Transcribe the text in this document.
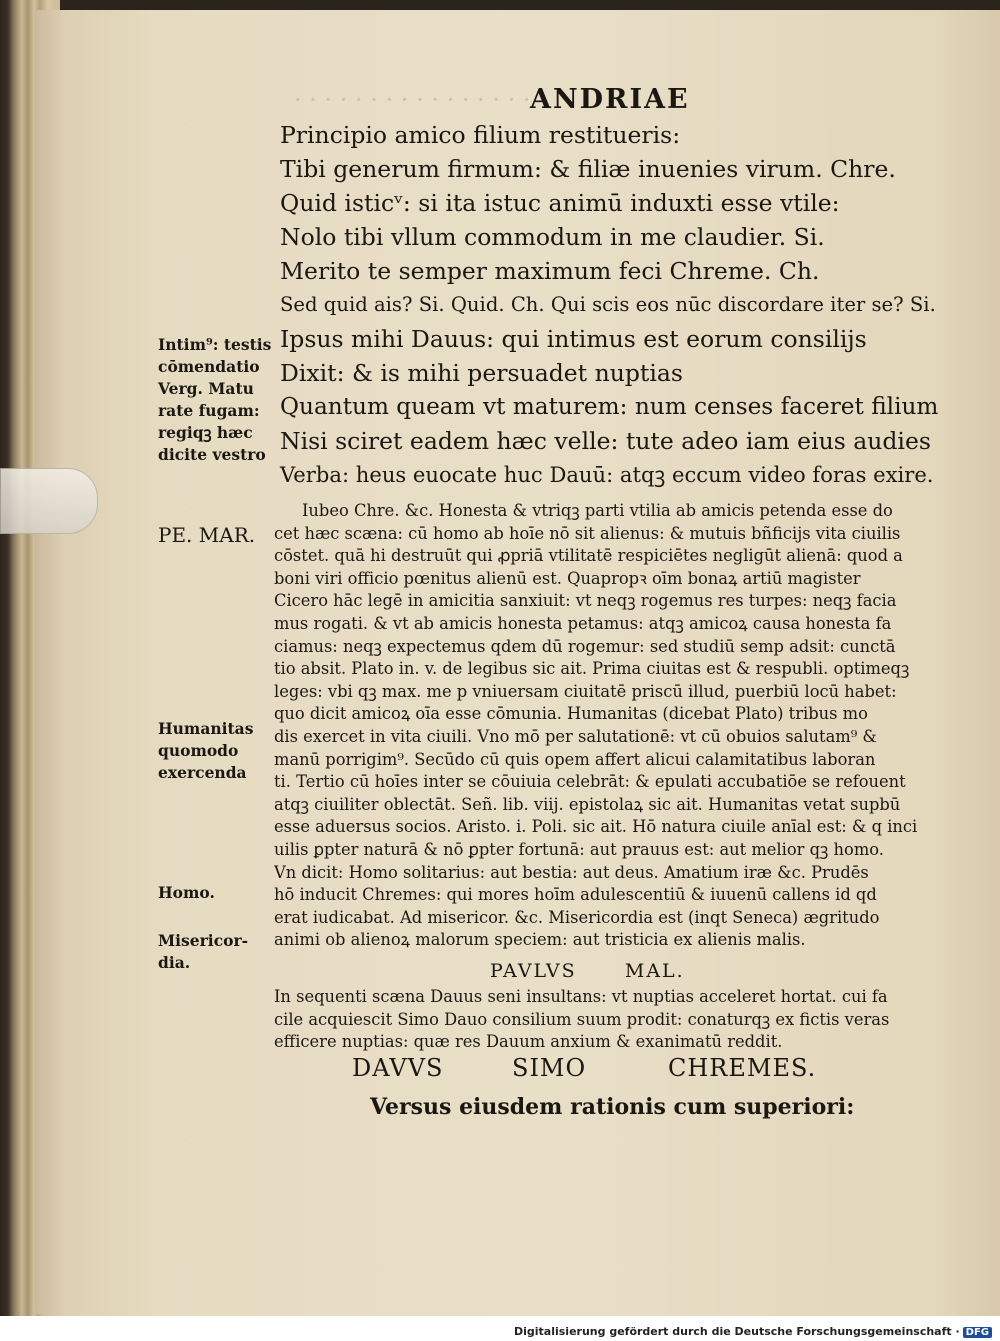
· · · · · · · · · · · · · · · · ANDRIAE
Principio amico filium restitueris:
Tibi generum firmum: & filiæ inuenies virum. Chre.
Quid isticᵛ: si ita istuc animū induxti esse vtile:
Nolo tibi vllum commodum in me claudier. Si.
Merito te semper maximum feci Chreme. Ch.
Sed quid ais? Si. Quid. Ch. Qui scis eos nūc discordare iter se? Si.
Ipsus mihi Dauus: qui intimus est eorum consilijs
Dixit: & is mihi persuadet nuptias
Quantum queam vt maturem: num censes faceret filium
Nisi sciret eadem hæc velle: tute adeo iam eius audies
Verba: heus euocate huc Dauū: atqꝫ eccum video foras exire.
Intim⁹: testis
cōmendatio
Verg. Matu
rate fugam:
regiqꝫ hæc
dicite vestro
PE. MAR.
Humanitas
quomodo
exercenda
Homo.
Misericor-
dia.
Iubeo Chre. &c. Honesta & vtriqꝫ parti vtilia ab amicis petenda esse do
cet hæc scæna: cū homo ab hoīe nō sit alienus: & mutuis bñficijs vita ciuilis
cōstet. quā hi destruūt qui ꝓpriā vtilitatē respiciētes negligūt alienā: quod a
boni viri officio pœnitus alienū est. Quapropꝛ oīm bonaꝝ artiū magister
Cicero hāc legē in amicitia sanxiuit: vt neqꝫ rogemus res turpes: neqꝫ facia
mus rogati. & vt ab amicis honesta petamus: atqꝫ amicoꝝ causa honesta fa
ciamus: neqꝫ expectemus qdem dū rogemur: sed studiū semp adsit: cunctā
tio absit. Plato in. v. de legibus sic ait. Prima ciuitas est & respubli. optimeqꝫ
leges: vbi qꝫ max. me p vniuersam ciuitatē priscū illud, puerbiū locū habet:
quo dicit amicoꝝ oīa esse cōmunia. Humanitas (dicebat Plato) tribus mo
dis exercet in vita ciuili. Vno mō per salutationē: vt cū obuios salutam⁹ &
manū porrigim⁹. Secūdo cū quis opem affert alicui calamitatibus laboran
ti. Tertio cū hoīes inter se cōuiuia celebrāt: & epulati accubatiōe se refouent
atqꝫ ciuiliter oblectāt. Señ. lib. viij. epistolaꝝ sic ait. Humanitas vetat supbū
esse aduersus socios. Aristo. i. Poli. sic ait. Hō natura ciuile anīal est: & q inci
uilis ꝑpter naturā & nō ꝑpter fortunā: aut prauus est: aut melior qꝫ homo.
Vn dicit: Homo solitarius: aut bestia: aut deus. Amatium iræ &c. Prudēs
hō inducit Chremes: qui mores hoīm adulescentiū & iuuenū callens id qd
erat iudicabat. Ad misericor. &c. Misericordia est (inqt Seneca) ægritudo
animi ob alienoꝝ malorum speciem: aut tristicia ex alienis malis.
PAVLVS      MAL.
In sequenti scæna Dauus seni insultans: vt nuptias acceleret hortat. cui fa
cile acquiescit Simo Dauo consilium suum prodit: conaturqꝫ ex fictis veras
efficere nuptias: quæ res Dauum anxium & exanimatū reddit.
DAVVS	SIMO	CHREMES.
Versus eiusdem rationis cum superiori:
Digitalisierung gefördert durch die Deutsche Forschungsgemeinschaft · DFG
